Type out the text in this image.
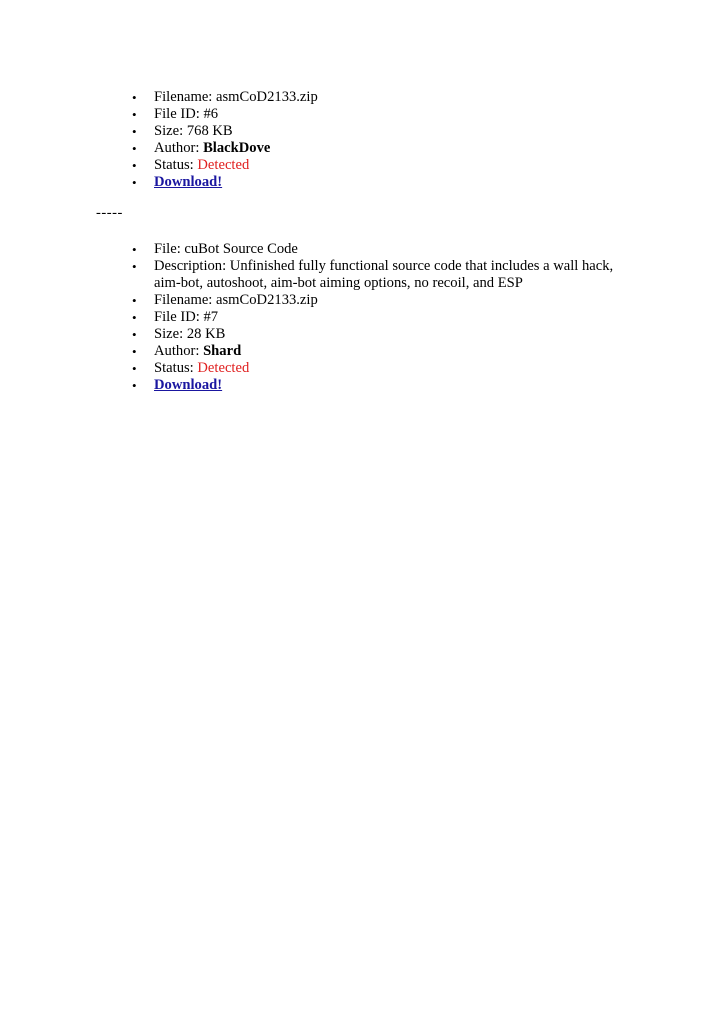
•	Filename: asmCoD2133.zip
•	File ID: #6
•	Size: 768 KB
•	Author: BlackDove
•	Status: Detected
•	Download!
-----
•	File: cuBot Source Code
•	Description: Unfinished fully functional source code that includes a wall hack,
aim-bot, autoshoot, aim-bot aiming options, no recoil, and ESP
•	Filename: asmCoD2133.zip
•	File ID: #7
•	Size: 28 KB
•	Author: Shard
•	Status: Detected
•	Download!
